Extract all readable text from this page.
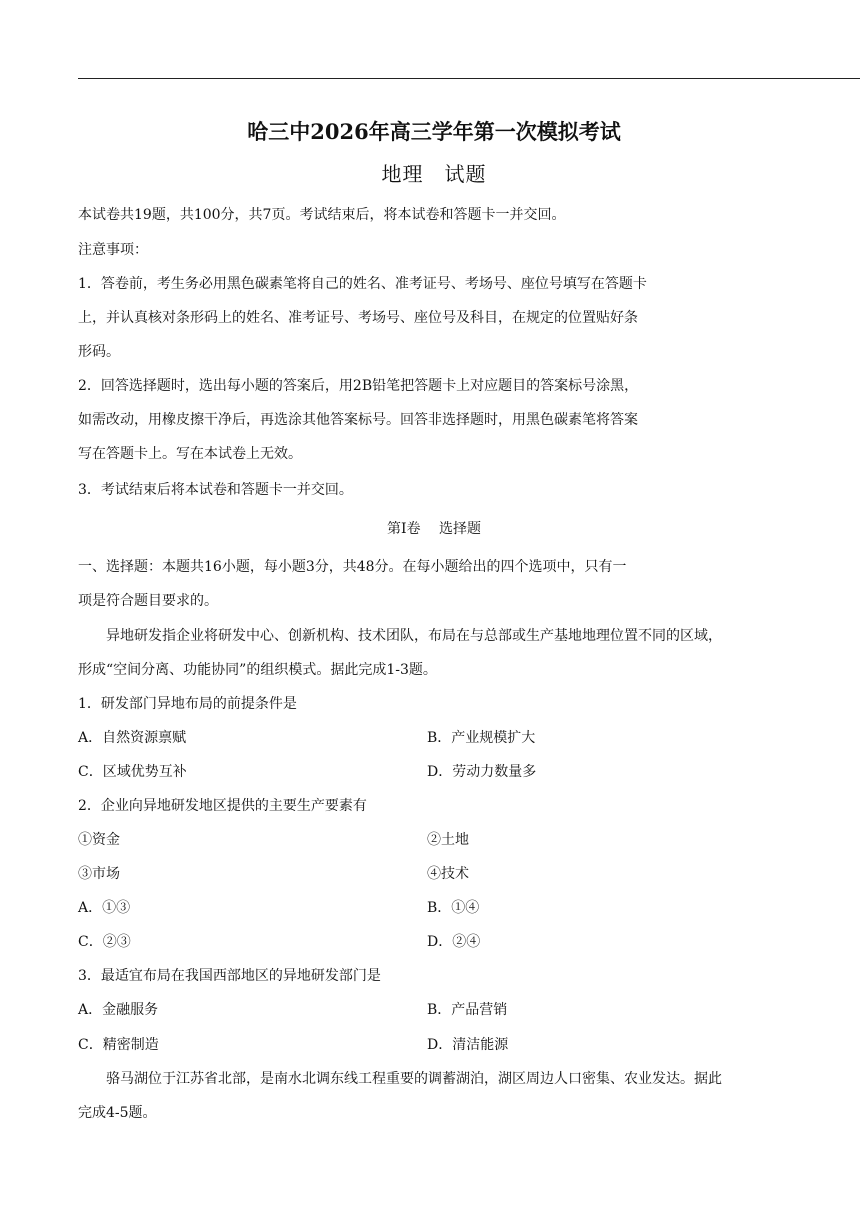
哈三中2026年高三学年第一次模拟考试
地理　试题
本试卷共19题，共100分，共7页。考试结束后，将本试卷和答题卡一并交回。
注意事项：
1．答卷前，考生务必用黑色碳素笔将自己的姓名、准考证号、考场号、座位号填写在答题卡
上，并认真核对条形码上的姓名、准考证号、考场号、座位号及科目，在规定的位置贴好条
形码。
2．回答选择题时，选出每小题的答案后，用2B铅笔把答题卡上对应题目的答案标号涂黑，
如需改动，用橡皮擦干净后，再选涂其他答案标号。回答非选择题时，用黑色碳素笔将答案
写在答题卡上。写在本试卷上无效。
3．考试结束后将本试卷和答题卡一并交回。
第Ⅰ卷　 选择题
一、选择题：本题共16小题，每小题3分，共48分。在每小题给出的四个选项中，只有一
项是符合题目要求的。
异地研发指企业将研发中心、创新机构、技术团队，布局在与总部或生产基地地理位置不同的区域，
形成“空间分离、功能协同”的组织模式。据此完成1-3题。
1．研发部门异地布局的前提条件是
A．自然资源禀赋	B．产业规模扩大
C．区域优势互补	D．劳动力数量多
2．企业向异地研发地区提供的主要生产要素有
①资金	②土地
③市场	④技术
A．①③	B．①④
C．②③	D．②④
3．最适宜布局在我国西部地区的异地研发部门是
A．金融服务	B．产品营销
C．精密制造	D．清洁能源
骆马湖位于江苏省北部，是南水北调东线工程重要的调蓄湖泊，湖区周边人口密集、农业发达。据此
完成4-5题。
